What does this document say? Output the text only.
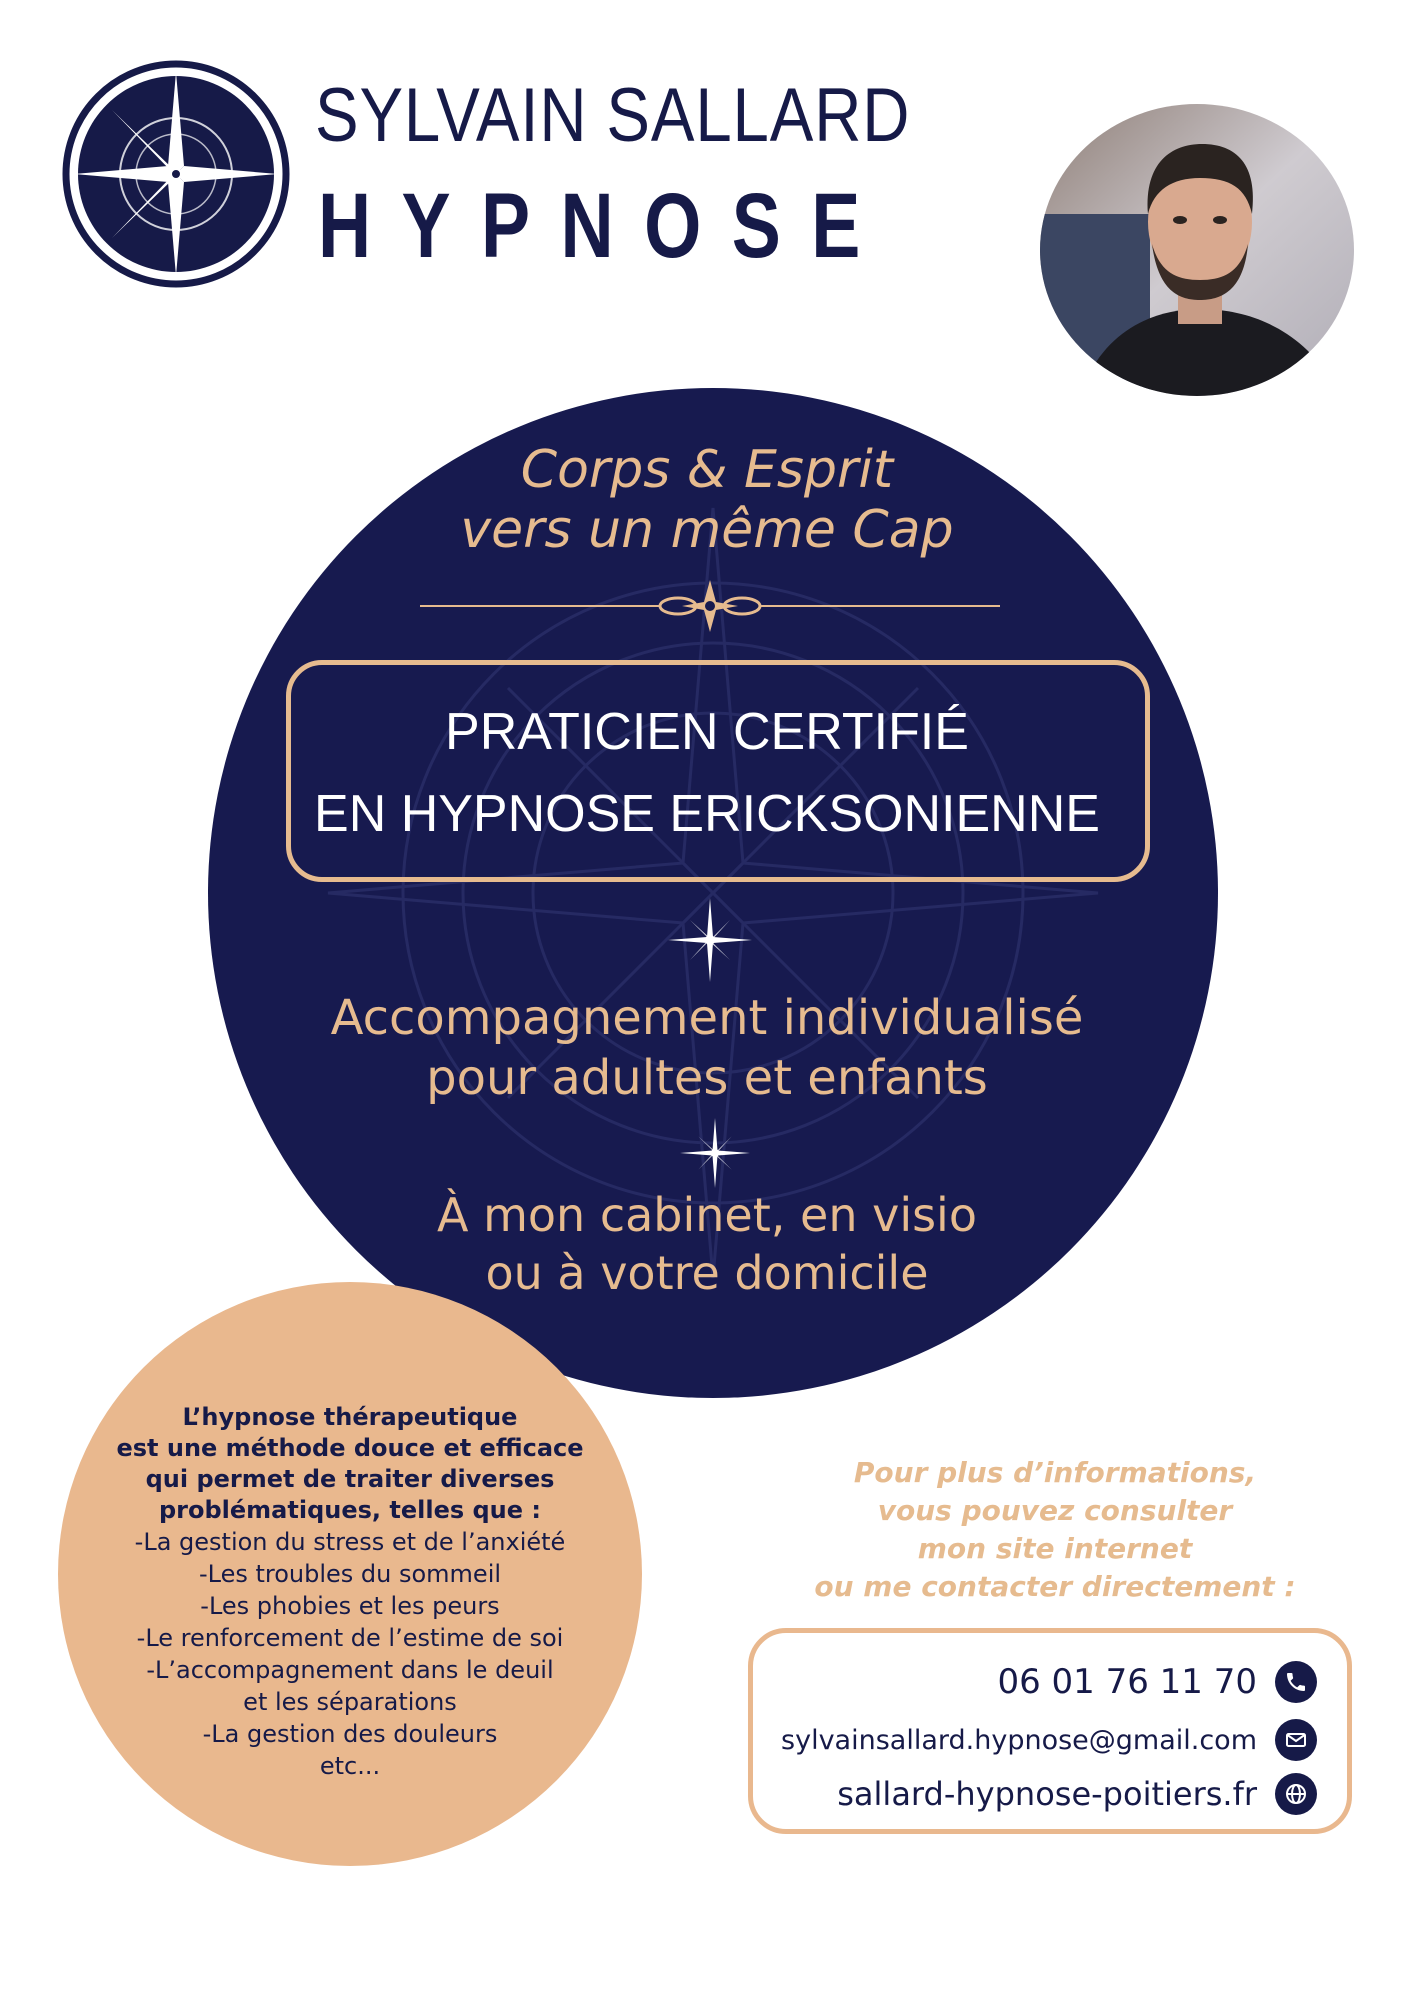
SYLVAIN SALLARD
HYPNOSE
Corps & Esprit
vers un même Cap
PRATICIEN CERTIFIÉ
EN HYPNOSE ERICKSONIENNE
Accompagnement individualisé
pour adultes et enfants
À mon cabinet, en visio
ou à votre domicile
L’hypnose thérapeutique
est une méthode douce et efficace
qui permet de traiter diverses
problématiques, telles que :
-La gestion du stress et de l’anxiété
-Les troubles du sommeil
-Les phobies et les peurs
-Le renforcement de l’estime de soi
-L’accompagnement dans le deuil
et les séparations
-La gestion des douleurs
etc...
Pour plus d’informations,
vous pouvez consulter
mon site internet
ou me contacter directement :
06 01 76 11 70
sylvainsallard.hypnose@gmail.com
sallard-hypnose-poitiers.fr
